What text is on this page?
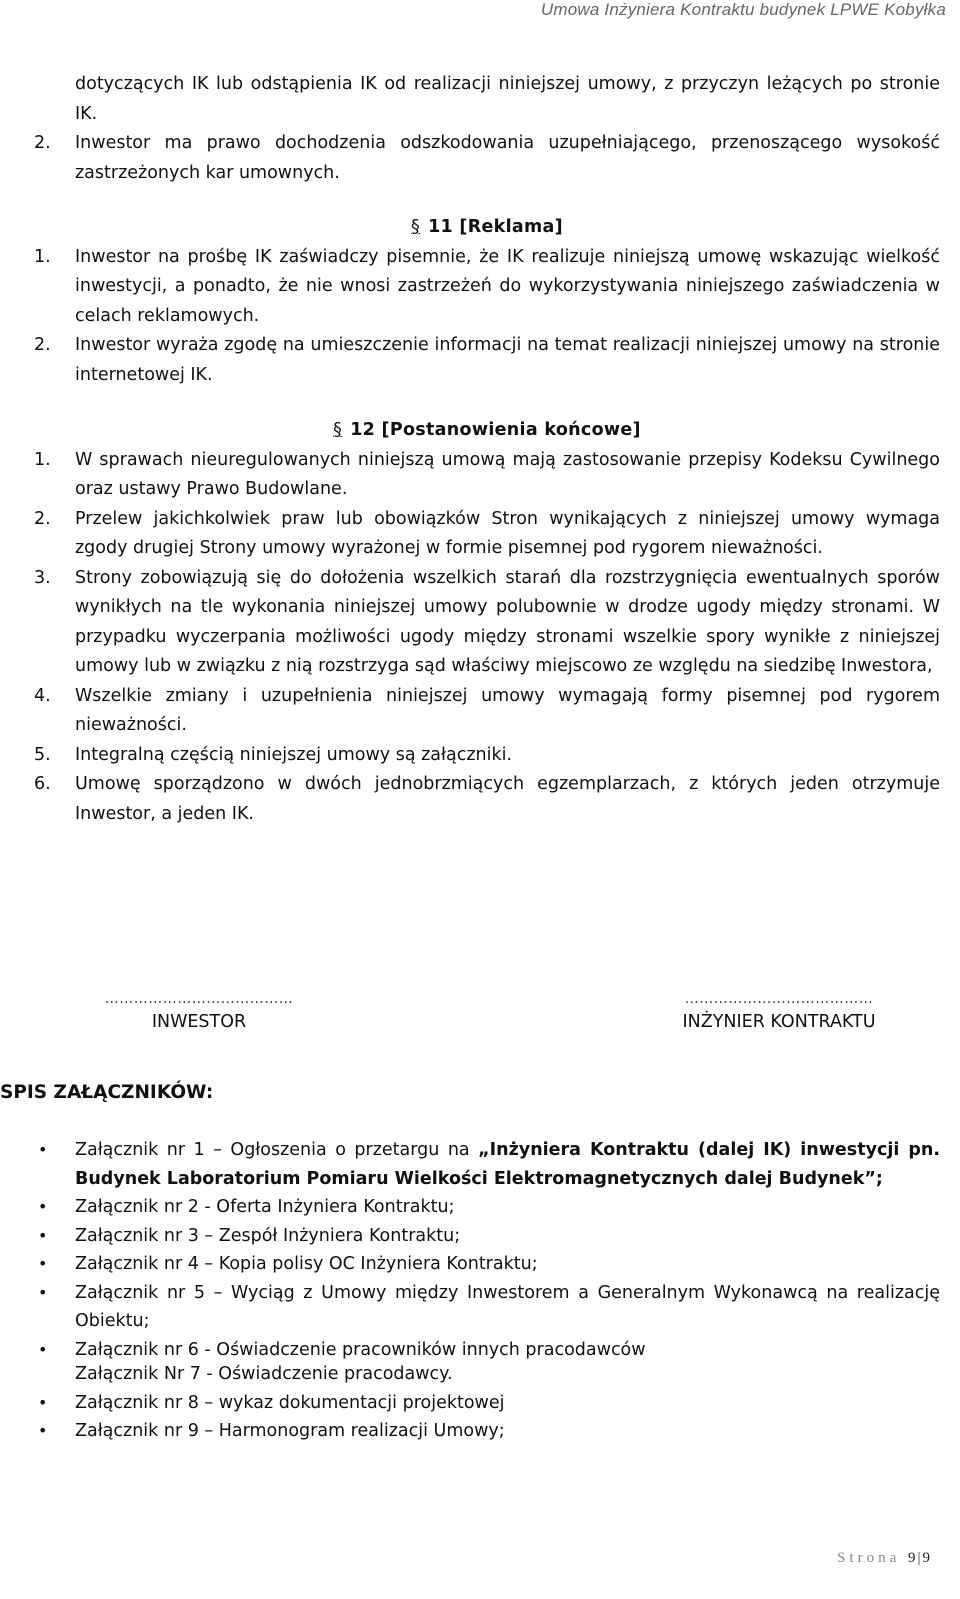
Umowa Inżyniera Kontraktu budynek LPWE Kobyłka
dotyczących IK lub odstąpienia IK od realizacji niniejszej umowy, z przyczyn leżących po stronie IK.
2. Inwestor ma prawo dochodzenia odszkodowania uzupełniającego, przenoszącego wysokość zastrzeżonych kar umownych.

§ 11 [Reklama]

1. Inwestor na prośbę IK zaświadczy pisemnie, że IK realizuje niniejszą umowę wskazując wielkość inwestycji, a ponadto, że nie wnosi zastrzeżeń do wykorzystywania niniejszego zaświadczenia w celach reklamowych.
2. Inwestor wyraża zgodę na umieszczenie informacji na temat realizacji niniejszej umowy na stronie internetowej IK.

§ 12 [Postanowienia końcowe]

1. W sprawach nieuregulowanych niniejszą umową mają zastosowanie przepisy Kodeksu Cywilnego oraz ustawy Prawo Budowlane.
2. Przelew jakichkolwiek praw lub obowiązków Stron wynikających z niniejszej umowy wymaga zgody drugiej Strony umowy wyrażonej w formie pisemnej pod rygorem nieważności.
3. Strony zobowiązują się do dołożenia wszelkich starań dla rozstrzygnięcia ewentualnych sporów wynikłych na tle wykonania niniejszej umowy polubownie w drodze ugody między stronami. W przypadku wyczerpania możliwości ugody między stronami wszelkie spory wynikłe z niniejszej umowy lub w związku z nią rozstrzyga sąd właściwy miejscowo ze względu na siedzibę Inwestora,
4. Wszelkie zmiany i uzupełnienia niniejszej umowy wymagają formy pisemnej pod rygorem nieważności.
5. Integralną częścią niniejszej umowy są załączniki.
6. Umowę sporządzono w dwóch jednobrzmiących egzemplarzach, z których jeden otrzymuje Inwestor, a jeden IK.
…………………………………
INWESTOR
…………………………………
INŻYNIER KONTRAKTU
SPIS ZAŁĄCZNIKÓW:
• Załącznik nr 1 – Ogłoszenia o przetargu na „Inżyniera Kontraktu (dalej IK) inwestycji pn. Budynek Laboratorium Pomiaru Wielkości Elektromagnetycznych dalej Budynek”;
• Załącznik nr 2 - Oferta Inżyniera Kontraktu;
• Załącznik nr 3 – Zespół Inżyniera Kontraktu;
• Załącznik nr 4 – Kopia polisy OC Inżyniera Kontraktu;
• Załącznik nr 5 – Wyciąg z Umowy między Inwestorem a Generalnym Wykonawcą na realizację Obiektu;
• Załącznik nr 6 - Oświadczenie pracowników innych pracodawców
Załącznik Nr 7 - Oświadczenie pracodawcy.
• Załącznik nr 8 – wykaz dokumentacji projektowej
• Załącznik nr 9 – Harmonogram realizacji Umowy;
Strona 9 | 9
